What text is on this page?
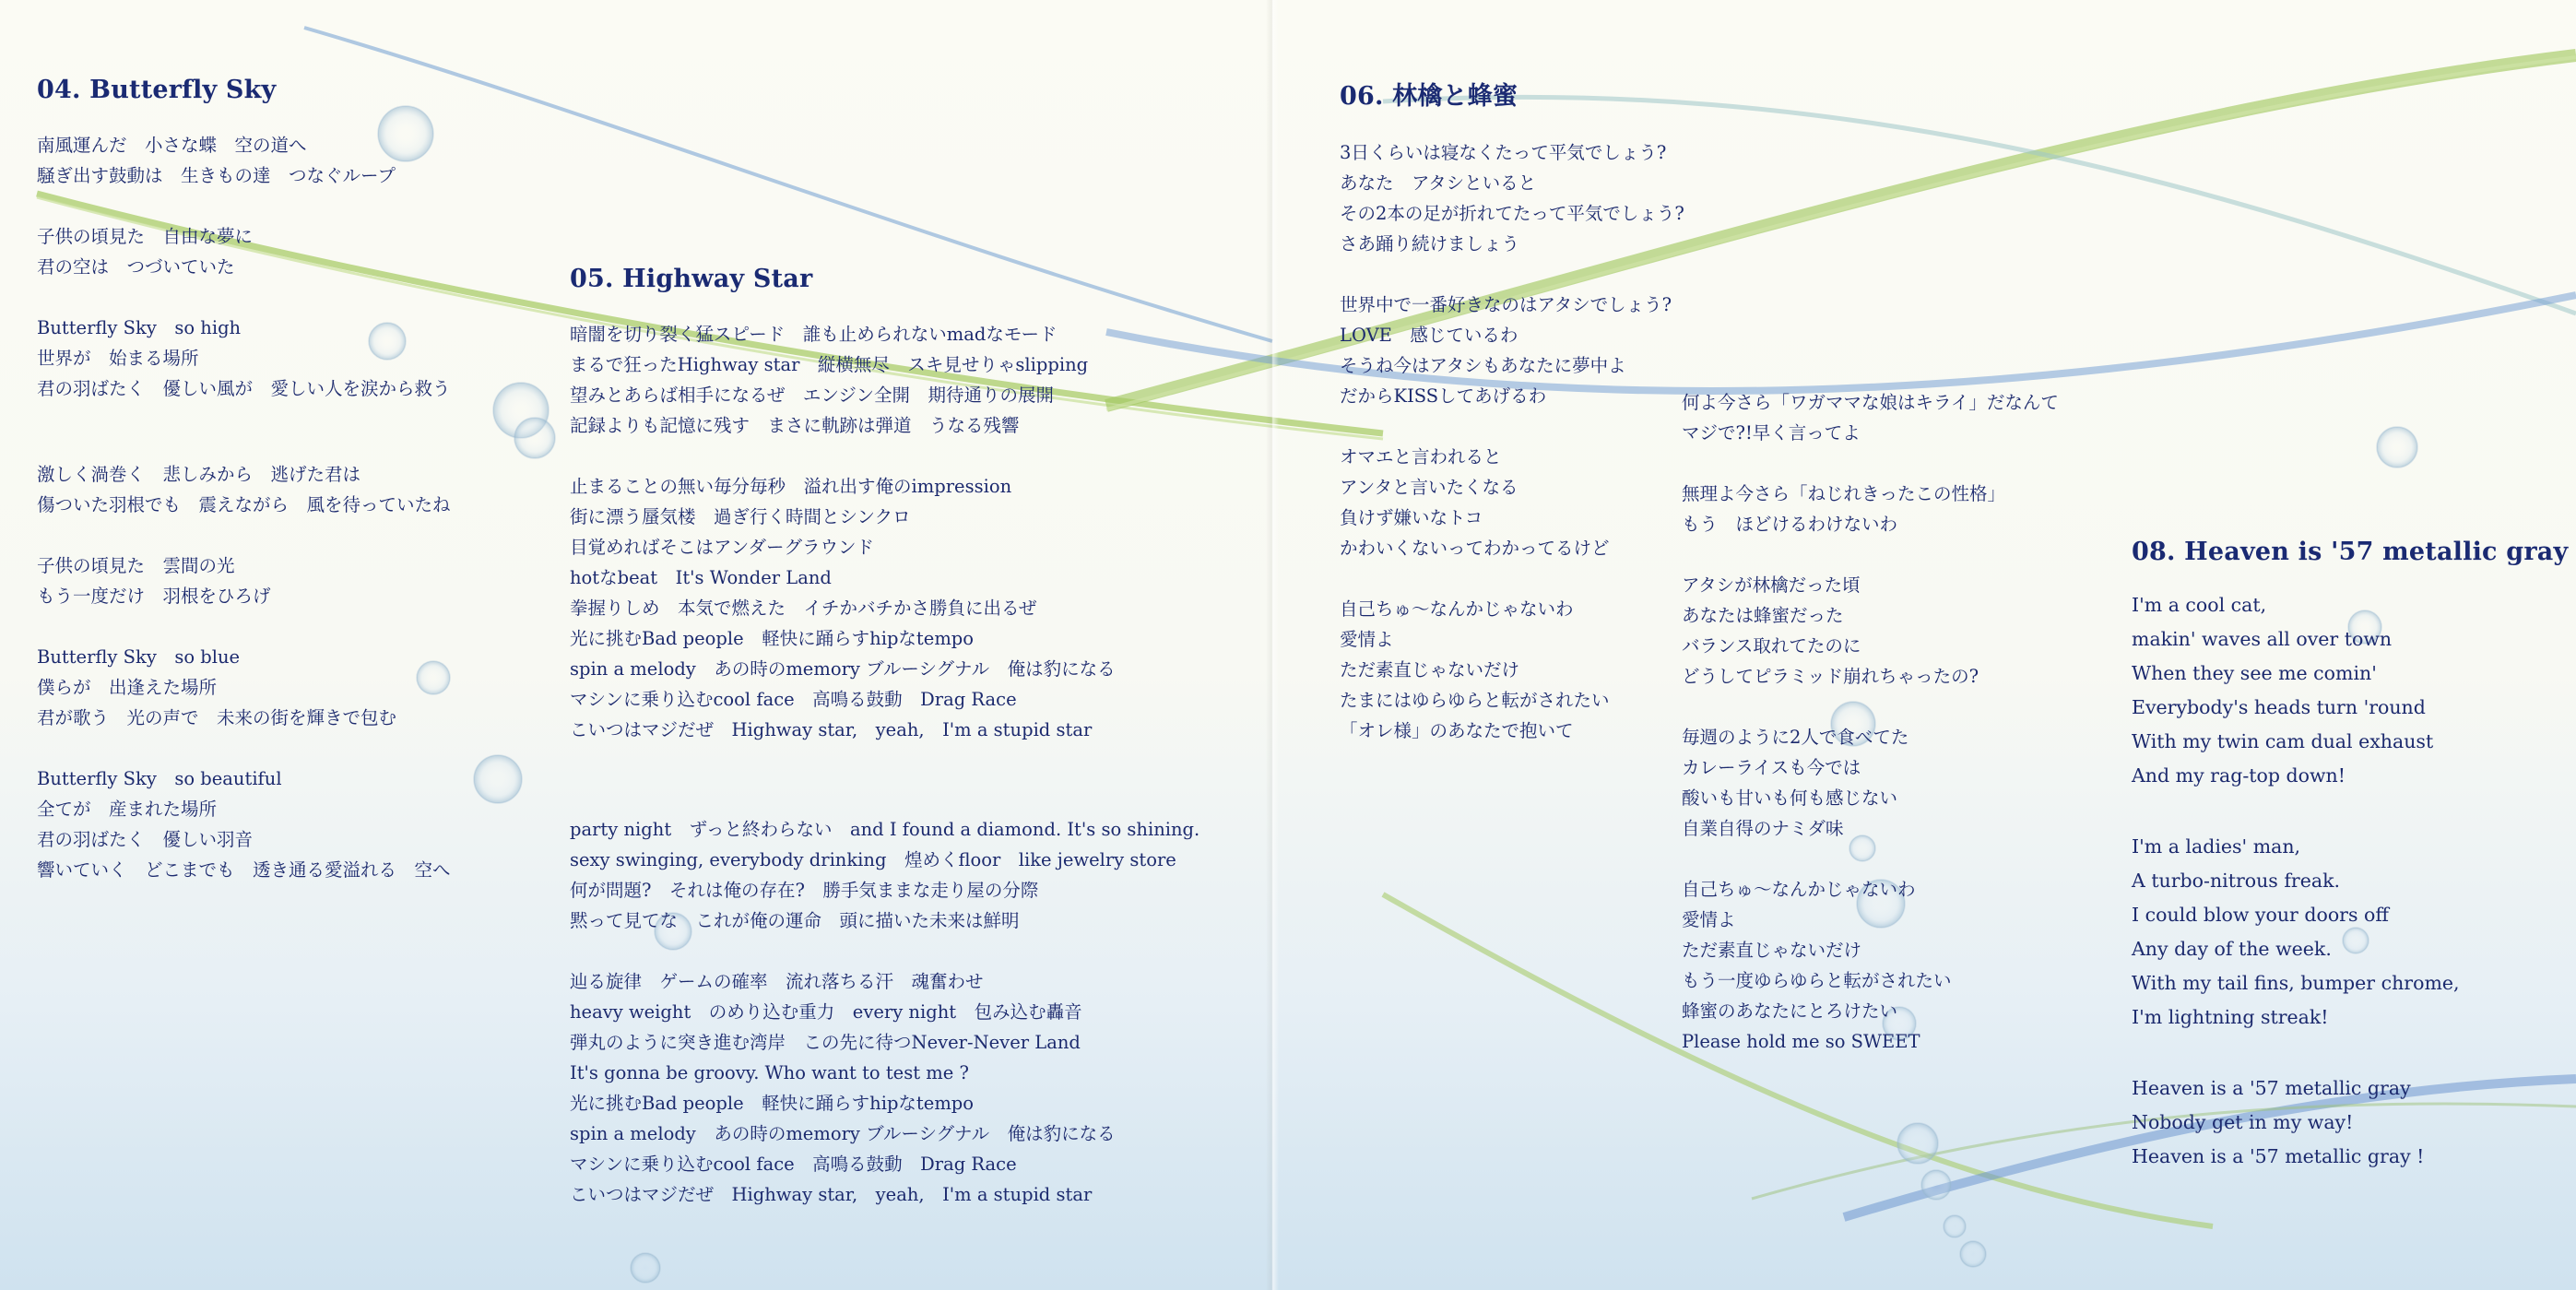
04. Butterfly Sky
南風運んだ　小さな蝶　空の道へ
騒ぎ出す鼓動は　生きもの達　つなぐループ
子供の頃見た　自由な夢に
君の空は　つづいていた
Butterfly Sky　so high
世界が　始まる場所
君の羽ばたく　優しい風が　愛しい人を涙から救う
激しく渦巻く　悲しみから　逃げた君は
傷ついた羽根でも　震えながら　風を待っていたね
子供の頃見た　雲間の光
もう一度だけ　羽根をひろげ
Butterfly Sky　so blue
僕らが　出逢えた場所
君が歌う　光の声で　未来の街を輝きで包む
Butterfly Sky　so beautiful
全てが　産まれた場所
君の羽ばたく　優しい羽音
響いていく　どこまでも　透き通る愛溢れる　空へ
05. Highway Star
暗闇を切り裂く猛スピード　誰も止められないmadなモード
まるで狂ったHighway star　縦横無尽　スキ見せりゃslipping
望みとあらば相手になるぜ　エンジン全開　期待通りの展開
記録よりも記憶に残す　まさに軌跡は弾道　うなる残響
止まることの無い毎分毎秒　溢れ出す俺のimpression
街に漂う蜃気楼　過ぎ行く時間とシンクロ
目覚めればそこはアンダーグラウンド
hotなbeat　It's Wonder Land
拳握りしめ　本気で燃えた　イチかバチかさ勝負に出るぜ
光に挑むBad people　軽快に踊らすhipなtempo
spin a melody　あの時のmemory ブルーシグナル　俺は豹になる
マシンに乗り込むcool face　高鳴る鼓動　Drag Race
こいつはマジだぜ　Highway star,　yeah,　I'm a stupid star
party night　ずっと終わらない　and I found a diamond. It's so shining.
sexy swinging, everybody drinking　煌めくfloor　like jewelry store
何が問題?　それは俺の存在?　勝手気ままな走り屋の分際
黙って見てな　これが俺の運命　頭に描いた未来は鮮明
辿る旋律　ゲームの確率　流れ落ちる汗　魂奮わせ
heavy weight　のめり込む重力　every night　包み込む轟音
弾丸のように突き進む湾岸　この先に待つNever-Never Land
It's gonna be groovy. Who want to test me ?
光に挑むBad people　軽快に踊らすhipなtempo
spin a melody　あの時のmemory ブルーシグナル　俺は豹になる
マシンに乗り込むcool face　高鳴る鼓動　Drag Race
こいつはマジだぜ　Highway star,　yeah,　I'm a stupid star
06. 林檎と蜂蜜
3日くらいは寝なくたって平気でしょう?
あなた　アタシといると
その2本の足が折れてたって平気でしょう?
さあ踊り続けましょう
世界中で一番好きなのはアタシでしょう?
LOVE　感じているわ
そうね今はアタシもあなたに夢中よ
だからKISSしてあげるわ
オマエと言われると
アンタと言いたくなる
負けず嫌いなトコ
かわいくないってわかってるけど
自己ちゅ～なんかじゃないわ
愛情よ
ただ素直じゃないだけ
たまにはゆらゆらと転がされたい
「オレ様」のあなたで抱いて
何よ今さら「ワガママな娘はキライ」だなんて
マジで?!早く言ってよ
無理よ今さら「ねじれきったこの性格」
もう　ほどけるわけないわ
アタシが林檎だった頃
あなたは蜂蜜だった
バランス取れてたのに
どうしてピラミッド崩れちゃったの?
毎週のように2人で食べてた
カレーライスも今では
酸いも甘いも何も感じない
自業自得のナミダ味
自己ちゅ～なんかじゃないわ
愛情よ
ただ素直じゃないだけ
もう一度ゆらゆらと転がされたい
蜂蜜のあなたにとろけたい
Please hold me so SWEET
08. Heaven is '57 metallic gray
I'm a cool cat,
makin' waves all over town
When they see me comin'
Everybody's heads turn 'round
With my twin cam dual exhaust
And my rag-top down!
I'm a ladies' man,
A turbo-nitrous freak.
I could blow your doors off
Any day of the week.
With my tail fins, bumper chrome,
I'm lightning streak!
Heaven is a '57 metallic gray
Nobody get in my way!
Heaven is a '57 metallic gray !
